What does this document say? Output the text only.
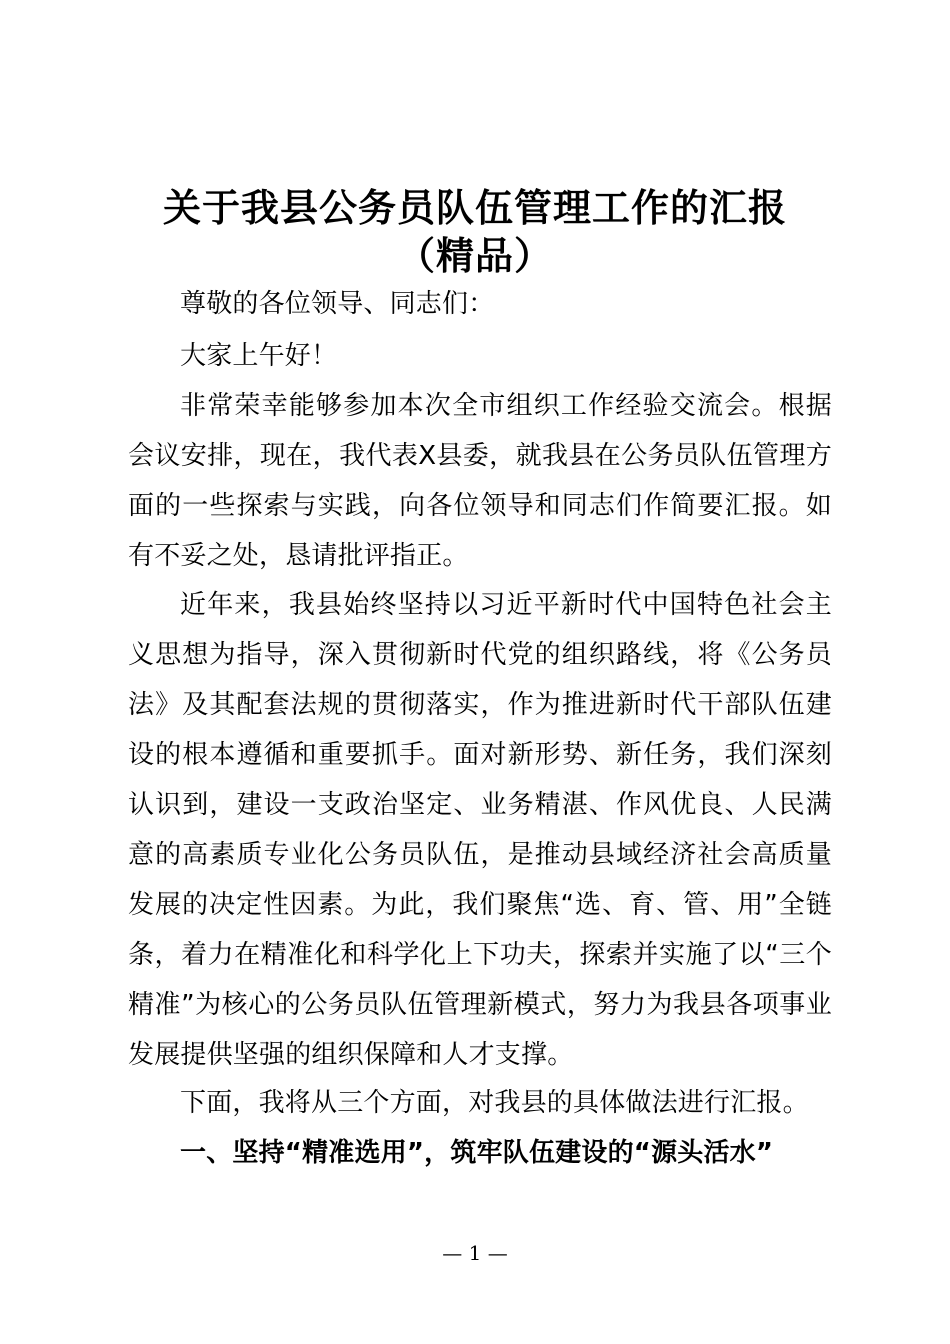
关于我县公务员队伍管理工作的汇报
（精品）

尊敬的各位领导、同志们：

大家上午好！

非常荣幸能够参加本次全市组织工作经验交流会。根据会议安排，现在，我代表X县委，就我县在公务员队伍管理方面的一些探索与实践，向各位领导和同志们作简要汇报。如有不妥之处，恳请批评指正。

近年来，我县始终坚持以习近平新时代中国特色社会主义思想为指导，深入贯彻新时代党的组织路线，将《公务员法》及其配套法规的贯彻落实，作为推进新时代干部队伍建设的根本遵循和重要抓手。面对新形势、新任务，我们深刻认识到，建设一支政治坚定、业务精湛、作风优良、人民满意的高素质专业化公务员队伍，是推动县域经济社会高质量发展的决定性因素。为此，我们聚焦“选、育、管、用”全链条，着力在精准化和科学化上下功夫，探索并实施了以“三个精准”为核心的公务员队伍管理新模式，努力为我县各项事业发展提供坚强的组织保障和人才支撑。

下面，我将从三个方面，对我县的具体做法进行汇报。

一、坚持“精准选用”，筑牢队伍建设的“源头活水”

— 1 —
